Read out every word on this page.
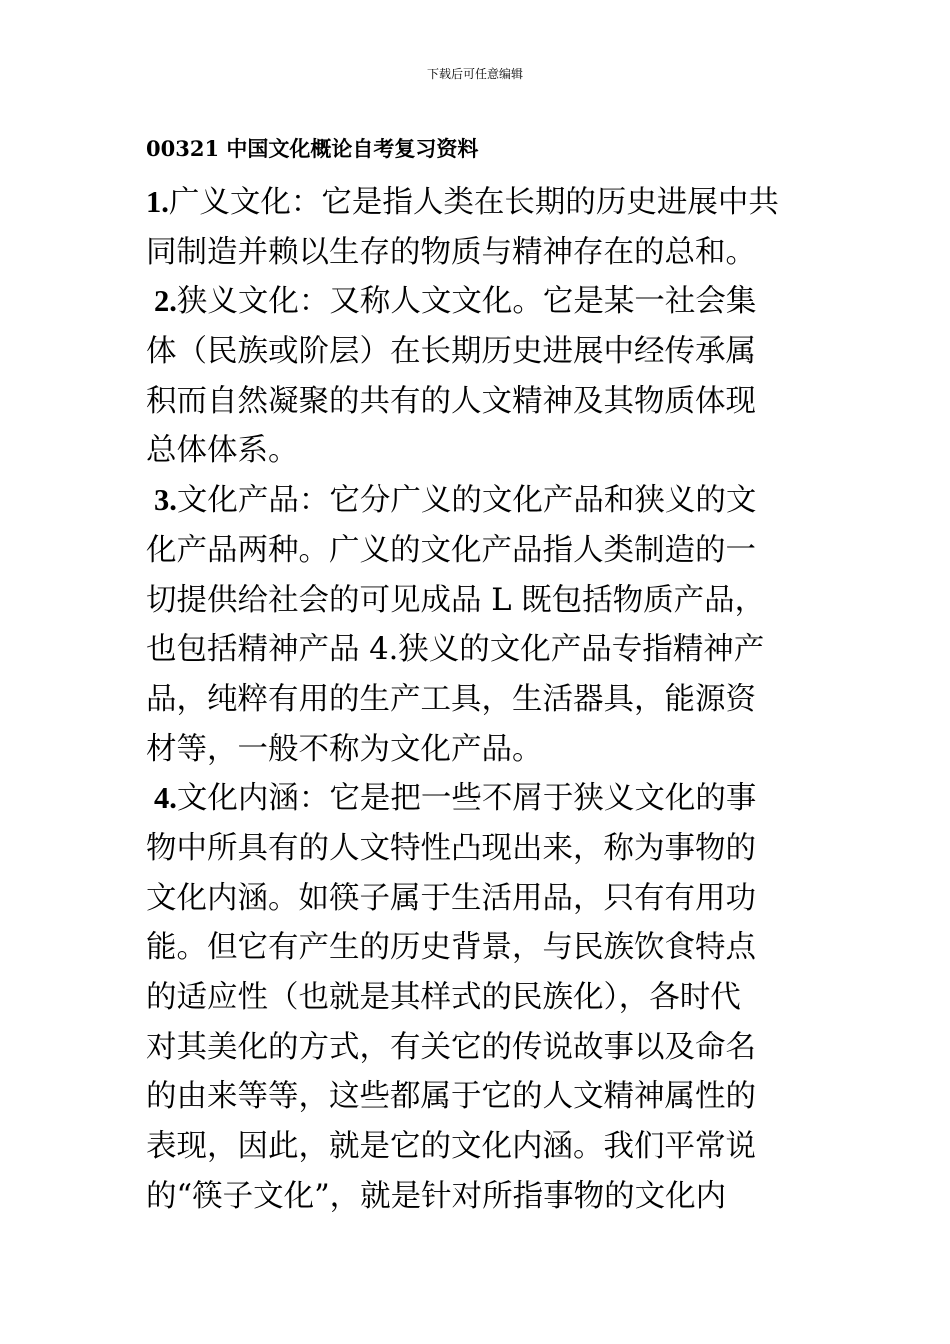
下载后可任意编辑
00321 中国文化概论自考复习资料
1.广义文化：它是指人类在长期的历史进展中共
同制造并赖以生存的物质与精神存在的总和。
2.狭义文化：又称人文文化。它是某一社会集
体（民族或阶层）在长期历史进展中经传承属
积而自然凝聚的共有的人文精神及其物质体现
总体体系。
3.文化产品：它分广义的文化产品和狭义的文
化产品两种。广义的文化产品指人类制造的一
切提供给社会的可见成品 L 既包括物质产品，
也包括精神产品 4.狭义的文化产品专指精神产
品，纯粹有用的生产工具，生活器具，能源资
材等，一般不称为文化产品。
4.文化内涵：它是把一些不屑于狭义文化的事
物中所具有的人文特性凸现出来，称为事物的
文化内涵。如筷子属于生活用品，只有有用功
能。但它有产生的历史背景，与民族饮食特点
的适应性（也就是其样式的民族化），各时代
对其美化的方式，有关它的传说故事以及命名
的由来等等，这些都属于它的人文精神属性的
表现，因此，就是它的文化内涵。我们平常说
的“筷子文化”，就是针对所指事物的文化内
